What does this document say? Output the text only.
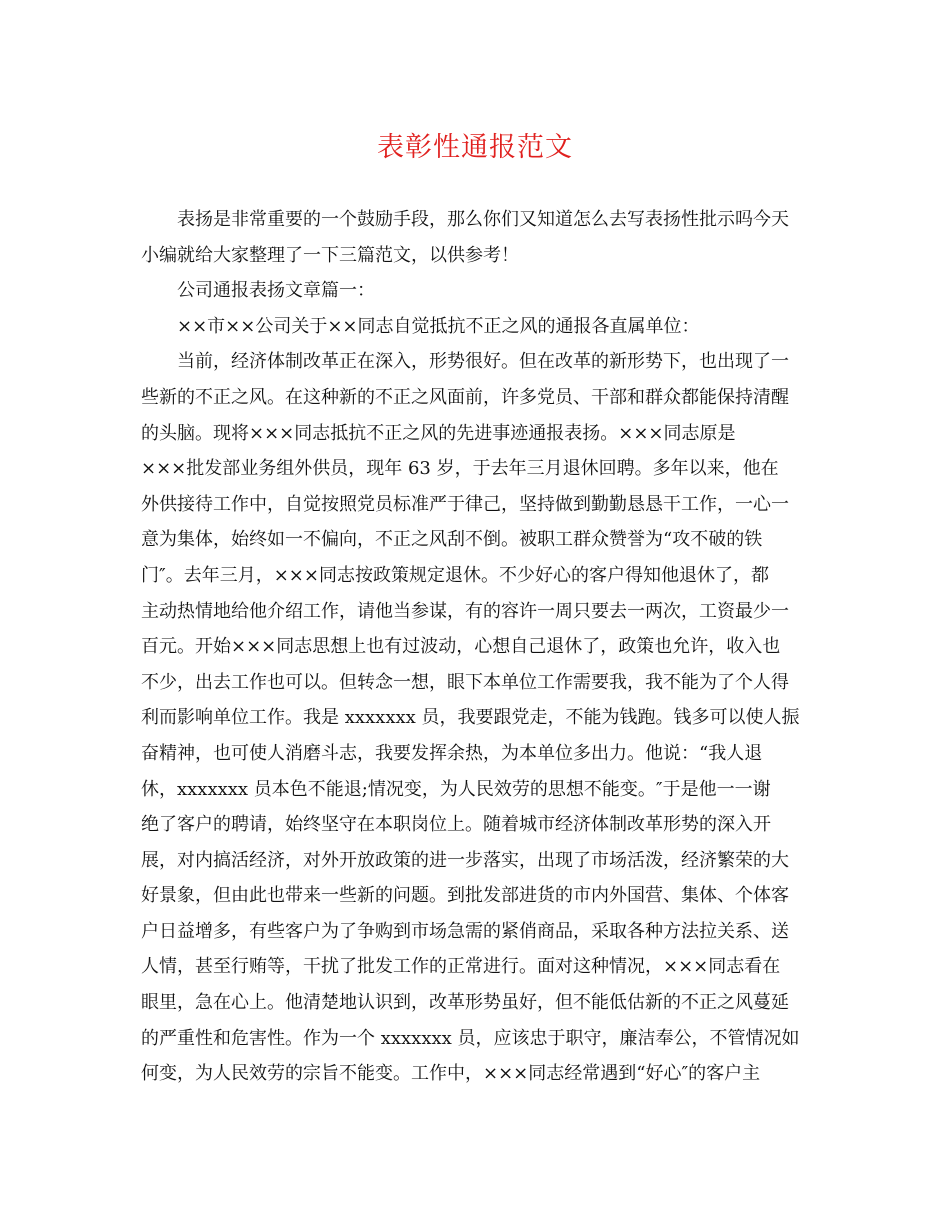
表彰性通报范文
表扬是非常重要的一个鼓励手段，那么你们又知道怎么去写表扬性批示吗今天
小编就给大家整理了一下三篇范文，以供参考！
公司通报表扬文章篇一：
××市××公司关于××同志自觉抵抗不正之风的通报各直属单位：
当前，经济体制改革正在深入，形势很好。但在改革的新形势下，也出现了一
些新的不正之风。在这种新的不正之风面前，许多党员、干部和群众都能保持清醒
的头脑。现将×××同志抵抗不正之风的先进事迹通报表扬。×××同志原是
×××批发部业务组外供员，现年 63 岁，于去年三月退休回聘。多年以来，他在
外供接待工作中，自觉按照党员标准严于律己，坚持做到勤勤恳恳干工作，一心一
意为集体，始终如一不偏向，不正之风刮不倒。被职工群众赞誉为“攻不破的铁
门″。去年三月，×××同志按政策规定退休。不少好心的客户得知他退休了，都
主动热情地给他介绍工作，请他当参谋，有的容许一周只要去一两次，工资最少一
百元。开始×××同志思想上也有过波动，心想自己退休了，政策也允许，收入也
不少，出去工作也可以。但转念一想，眼下本单位工作需要我，我不能为了个人得
利而影响单位工作。我是 xxxxxxx 员，我要跟党走，不能为钱跑。钱多可以使人振
奋精神，也可使人消磨斗志，我要发挥余热，为本单位多出力。他说：“我人退
休，xxxxxxx 员本色不能退;情况变，为人民效劳的思想不能变。″于是他一一谢
绝了客户的聘请，始终坚守在本职岗位上。随着城市经济体制改革形势的深入开
展，对内搞活经济，对外开放政策的进一步落实，出现了市场活泼，经济繁荣的大
好景象，但由此也带来一些新的问题。到批发部进货的市内外国营、集体、个体客
户日益增多，有些客户为了争购到市场急需的紧俏商品，采取各种方法拉关系、送
人情，甚至行贿等，干扰了批发工作的正常进行。面对这种情况，×××同志看在
眼里，急在心上。他清楚地认识到，改革形势虽好，但不能低估新的不正之风蔓延
的严重性和危害性。作为一个 xxxxxxx 员，应该忠于职守，廉洁奉公，不管情况如
何变，为人民效劳的宗旨不能变。工作中，×××同志经常遇到“好心″的客户主
